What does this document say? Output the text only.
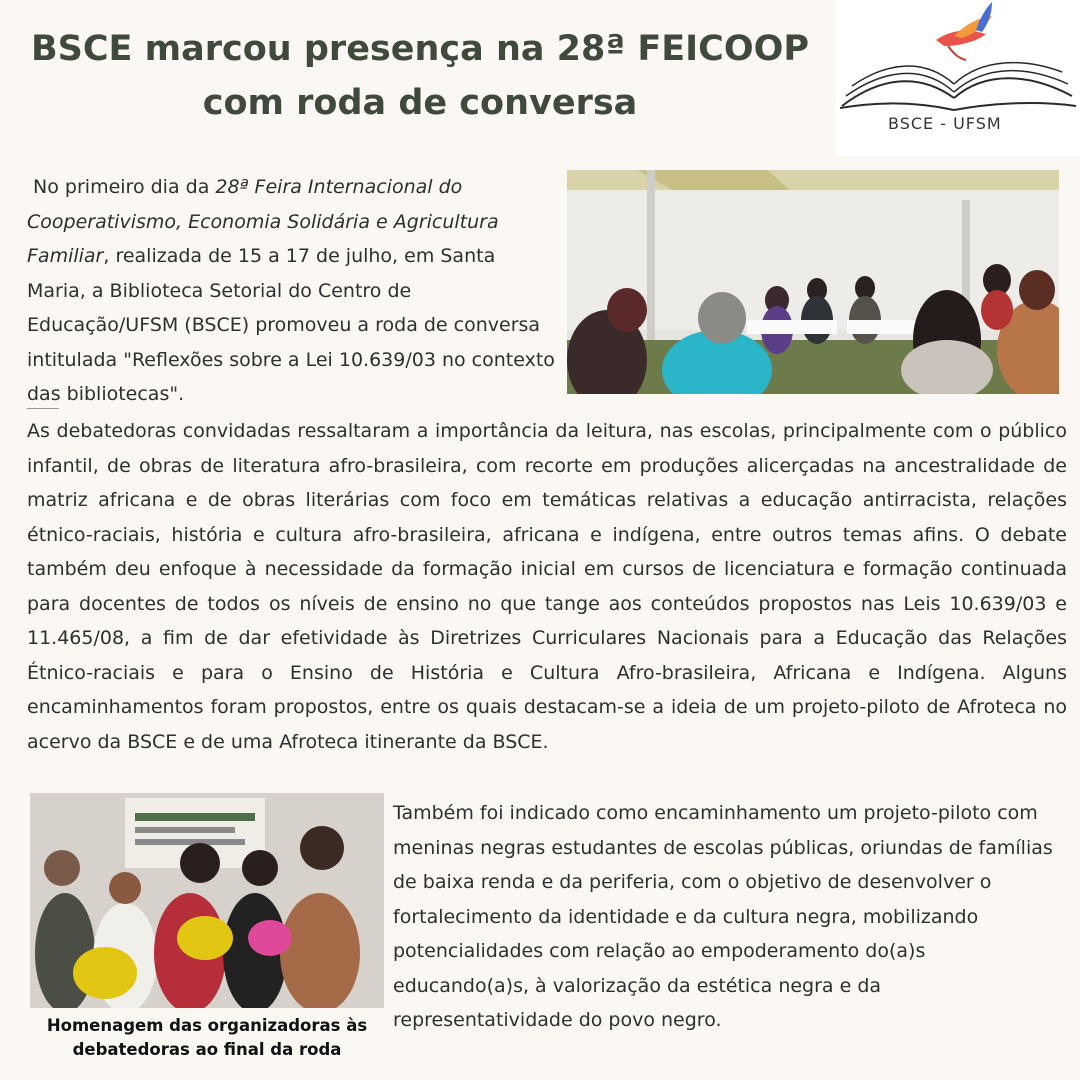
BSCE marcou presença na 28ª FEICOOP com roda de conversa
BSCE - UFSM

No primeiro dia da 28ª Feira Internacional do Cooperativismo, Economia Solidária e Agricultura Familiar, realizada de 15 a 17 de julho, em Santa Maria, a Biblioteca Setorial do Centro de Educação/UFSM (BSCE) promoveu a roda de conversa intitulada "Reflexões sobre a Lei 10.639/03 no contexto das bibliotecas".

As debatedoras convidadas ressaltaram a importância da leitura, nas escolas, principalmente com o público infantil, de obras de literatura afro-brasileira, com recorte em produções alicerçadas na ancestralidade de matriz africana e de obras literárias com foco em temáticas relativas a educação antirracista, relações étnico-raciais, história e cultura afro-brasileira, africana e indígena, entre outros temas afins. O debate também deu enfoque à necessidade da formação inicial em cursos de licenciatura e formação continuada para docentes de todos os níveis de ensino no que tange aos conteúdos propostos nas Leis 10.639/03 e 11.465/08, a fim de dar efetividade às Diretrizes Curriculares Nacionais para a Educação das Relações Étnico-raciais e para o Ensino de História e Cultura Afro-brasileira, Africana e Indígena. Alguns encaminhamentos foram propostos, entre os quais destacam-se a ideia de um projeto-piloto de Afroteca no acervo da BSCE e de uma Afroteca itinerante da BSCE.

Também foi indicado como encaminhamento um projeto-piloto com meninas negras estudantes de escolas públicas, oriundas de famílias de baixa renda e da periferia, com o objetivo de desenvolver o fortalecimento da identidade e da cultura negra, mobilizando potencialidades com relação ao empoderamento do(a)s educando(a)s, à valorização da estética negra e da representatividade do povo negro.

Homenagem das organizadoras às debatedoras ao final da roda
